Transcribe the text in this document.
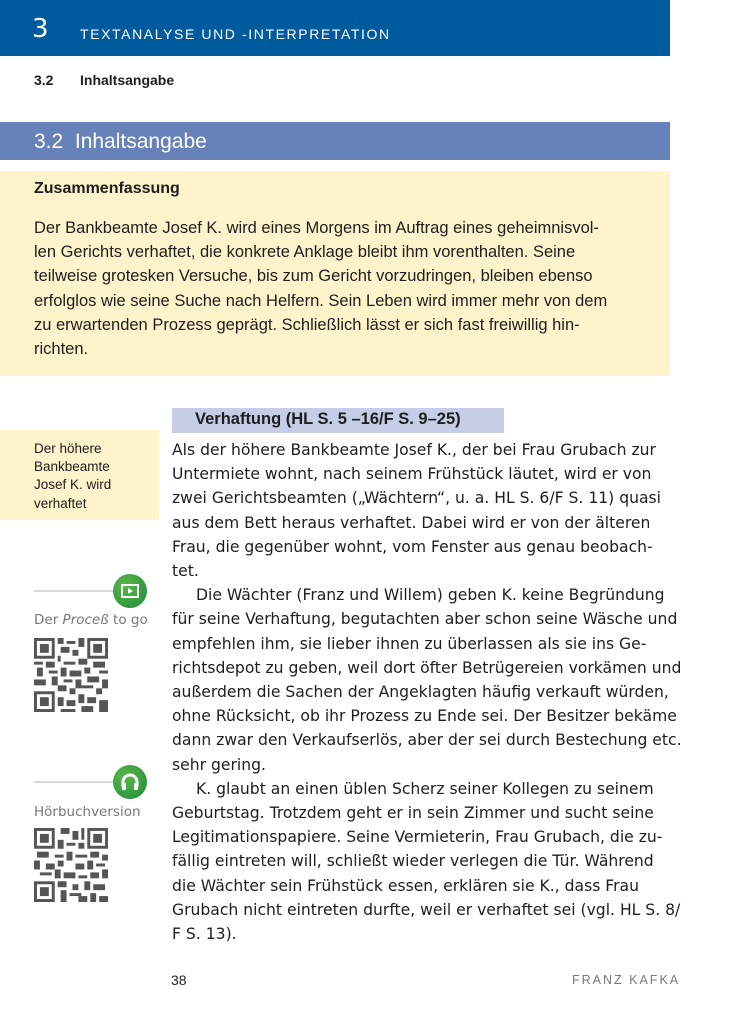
3 TEXTANALYSE UND -INTERPRETATION
3.2 Inhaltsangabe
3.2  Inhaltsangabe
Zusammenfassung
Der Bankbeamte Josef K. wird eines Morgens im Auftrag eines geheimnisvol-
len Gerichts verhaftet, die konkrete Anklage bleibt ihm vorenthalten. Seine
teilweise grotesken Versuche, bis zum Gericht vorzudringen, bleiben ebenso
erfolglos wie seine Suche nach Helfern. Sein Leben wird immer mehr von dem
zu erwartenden Prozess geprägt. Schließlich lässt er sich fast freiwillig hin-
richten.
Verhaftung (HL S. 5 –16/F S. 9–25)
Der höhere
Bankbeamte
Josef K. wird
verhaftet
Der Proceß to go
Hörbuchversion
Als der höhere Bankbeamte Josef K., der bei Frau Grubach zur
Untermiete wohnt, nach seinem Frühstück läutet, wird er von
zwei Gerichtsbeamten („Wächtern“, u. a. HL S. 6/F S. 11) quasi
aus dem Bett heraus verhaftet. Dabei wird er von der älteren
Frau, die gegenüber wohnt, vom Fenster aus genau beobach-
tet.
Die Wächter (Franz und Willem) geben K. keine Begründung
für seine Verhaftung, begutachten aber schon seine Wäsche und
empfehlen ihm, sie lieber ihnen zu überlassen als sie ins Ge-
richtsdepot zu geben, weil dort öfter Betrügereien vorkämen und
außerdem die Sachen der Angeklagten häufig verkauft würden,
ohne Rücksicht, ob ihr Prozess zu Ende sei. Der Besitzer bekäme
dann zwar den Verkaufserlös, aber der sei durch Bestechung etc.
sehr gering.
K. glaubt an einen üblen Scherz seiner Kollegen zu seinem
Geburtstag. Trotzdem geht er in sein Zimmer und sucht seine
Legitimationspapiere. Seine Vermieterin, Frau Grubach, die zu-
fällig eintreten will, schließt wieder verlegen die Tür. Während
die Wächter sein Frühstück essen, erklären sie K., dass Frau
Grubach nicht eintreten durfte, weil er verhaftet sei (vgl. HL S. 8/
F S. 13).
38	FRANZ KAFKA
